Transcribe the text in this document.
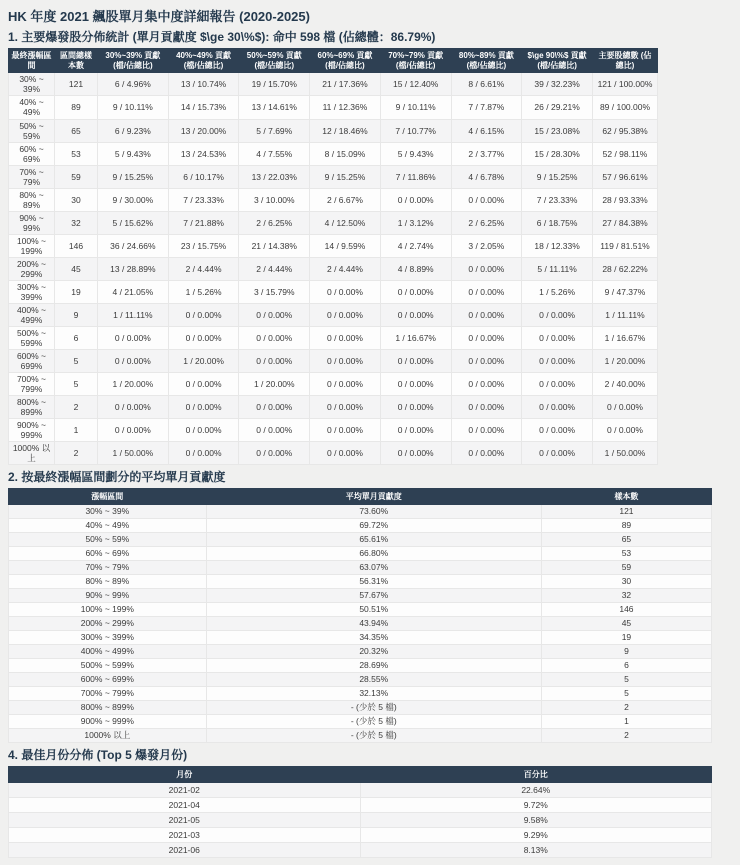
HK 年度 2021 飆股單月集中度詳細報告 (2020-2025)
1. 主要爆發股分佈統計 (單月貢獻度 $\ge 30\%$): 命中 598 檔 (佔總體：86.79%)
最終漲幅區間	區間總樣本數	30%~39% 貢獻 (檔/佔總比)	40%~49% 貢獻 (檔/佔總比)	50%~59% 貢獻 (檔/佔總比)	60%~69% 貢獻 (檔/佔總比)	70%~79% 貢獻 (檔/佔總比)	80%~89% 貢獻 (檔/佔總比)	$\ge 90\%$ 貢獻 (檔/佔總比)	主要股總數 (佔總比)
30% ~ 39%	121	6 / 4.96%	13 / 10.74%	19 / 15.70%	21 / 17.36%	15 / 12.40%	8 / 6.61%	39 / 32.23%	121 / 100.00%
40% ~ 49%	89	9 / 10.11%	14 / 15.73%	13 / 14.61%	11 / 12.36%	9 / 10.11%	7 / 7.87%	26 / 29.21%	89 / 100.00%
50% ~ 59%	65	6 / 9.23%	13 / 20.00%	5 / 7.69%	12 / 18.46%	7 / 10.77%	4 / 6.15%	15 / 23.08%	62 / 95.38%
60% ~ 69%	53	5 / 9.43%	13 / 24.53%	4 / 7.55%	8 / 15.09%	5 / 9.43%	2 / 3.77%	15 / 28.30%	52 / 98.11%
70% ~ 79%	59	9 / 15.25%	6 / 10.17%	13 / 22.03%	9 / 15.25%	7 / 11.86%	4 / 6.78%	9 / 15.25%	57 / 96.61%
80% ~ 89%	30	9 / 30.00%	7 / 23.33%	3 / 10.00%	2 / 6.67%	0 / 0.00%	0 / 0.00%	7 / 23.33%	28 / 93.33%
90% ~ 99%	32	5 / 15.62%	7 / 21.88%	2 / 6.25%	4 / 12.50%	1 / 3.12%	2 / 6.25%	6 / 18.75%	27 / 84.38%
100% ~ 199%	146	36 / 24.66%	23 / 15.75%	21 / 14.38%	14 / 9.59%	4 / 2.74%	3 / 2.05%	18 / 12.33%	119 / 81.51%
200% ~ 299%	45	13 / 28.89%	2 / 4.44%	2 / 4.44%	2 / 4.44%	4 / 8.89%	0 / 0.00%	5 / 11.11%	28 / 62.22%
300% ~ 399%	19	4 / 21.05%	1 / 5.26%	3 / 15.79%	0 / 0.00%	0 / 0.00%	0 / 0.00%	1 / 5.26%	9 / 47.37%
400% ~ 499%	9	1 / 11.11%	0 / 0.00%	0 / 0.00%	0 / 0.00%	0 / 0.00%	0 / 0.00%	0 / 0.00%	1 / 11.11%
500% ~ 599%	6	0 / 0.00%	0 / 0.00%	0 / 0.00%	0 / 0.00%	1 / 16.67%	0 / 0.00%	0 / 0.00%	1 / 16.67%
600% ~ 699%	5	0 / 0.00%	1 / 20.00%	0 / 0.00%	0 / 0.00%	0 / 0.00%	0 / 0.00%	0 / 0.00%	1 / 20.00%
700% ~ 799%	5	1 / 20.00%	0 / 0.00%	1 / 20.00%	0 / 0.00%	0 / 0.00%	0 / 0.00%	0 / 0.00%	2 / 40.00%
800% ~ 899%	2	0 / 0.00%	0 / 0.00%	0 / 0.00%	0 / 0.00%	0 / 0.00%	0 / 0.00%	0 / 0.00%	0 / 0.00%
900% ~ 999%	1	0 / 0.00%	0 / 0.00%	0 / 0.00%	0 / 0.00%	0 / 0.00%	0 / 0.00%	0 / 0.00%	0 / 0.00%
1000% 以上	2	1 / 50.00%	0 / 0.00%	0 / 0.00%	0 / 0.00%	0 / 0.00%	0 / 0.00%	0 / 0.00%	1 / 50.00%
2. 按最終漲幅區間劃分的平均單月貢獻度
漲幅區間	平均單月貢獻度	樣本數
30% ~ 39%	73.60%	121
40% ~ 49%	69.72%	89
50% ~ 59%	65.61%	65
60% ~ 69%	66.80%	53
70% ~ 79%	63.07%	59
80% ~ 89%	56.31%	30
90% ~ 99%	57.67%	32
100% ~ 199%	50.51%	146
200% ~ 299%	43.94%	45
300% ~ 399%	34.35%	19
400% ~ 499%	20.32%	9
500% ~ 599%	28.69%	6
600% ~ 699%	28.55%	5
700% ~ 799%	32.13%	5
800% ~ 899%	- (少於 5 檔)	2
900% ~ 999%	- (少於 5 檔)	1
1000% 以上	- (少於 5 檔)	2
4. 最佳月份分佈 (Top 5 爆發月份)
月份	百分比
2021-02	22.64%
2021-04	9.72%
2021-05	9.58%
2021-03	9.29%
2021-06	8.13%
